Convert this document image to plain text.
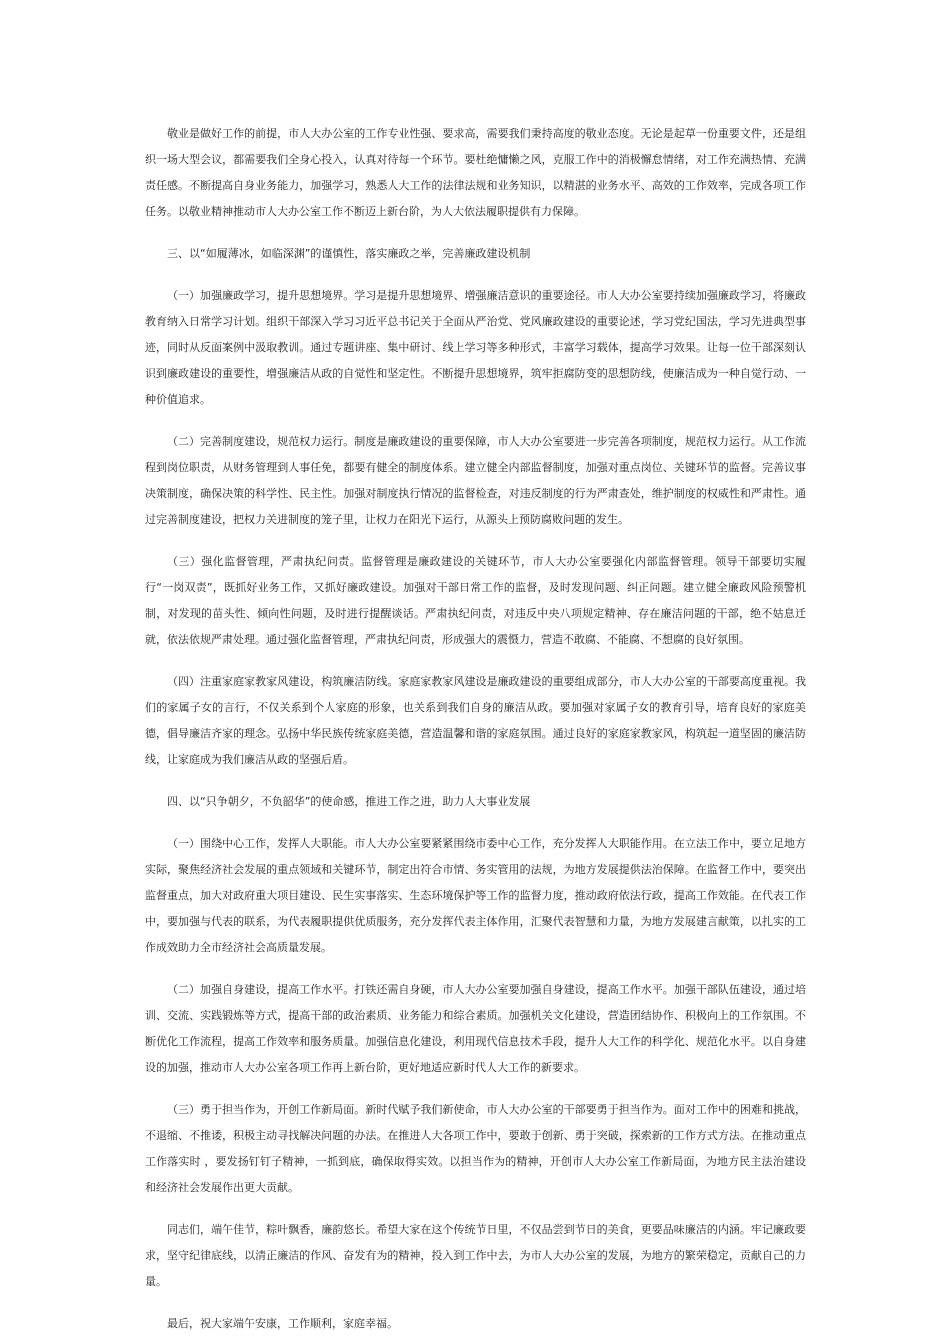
敬业是做好工作的前提，市人大办公室的工作专业性强、要求高，需要我们秉持高度的敬业态度。无论是起草一份重要文件，还是组织一场大型会议，都需要我们全身心投入，认真对待每一个环节。要杜绝慵懒之风，克服工作中的消极懈怠情绪，对工作充满热情、充满责任感。不断提高自身业务能力，加强学习，熟悉人大工作的法律法规和业务知识，以精湛的业务水平、高效的工作效率，完成各项工作任务。以敬业精神推动市人大办公室工作不断迈上新台阶，为人大依法履职提供有力保障。

三、以“如履薄冰，如临深渊”的谨慎性，落实廉政之举，完善廉政建设机制

（一）加强廉政学习，提升思想境界。学习是提升思想境界、增强廉洁意识的重要途径。市人大办公室要持续加强廉政学习，将廉政教育纳入日常学习计划。组织干部深入学习习近平总书记关于全面从严治党、党风廉政建设的重要论述，学习党纪国法，学习先进典型事迹，同时从反面案例中汲取教训。通过专题讲座、集中研讨、线上学习等多种形式，丰富学习载体，提高学习效果。让每一位干部深刻认识到廉政建设的重要性，增强廉洁从政的自觉性和坚定性。不断提升思想境界，筑牢拒腐防变的思想防线，使廉洁成为一种自觉行动、一种价值追求。

（二）完善制度建设，规范权力运行。制度是廉政建设的重要保障，市人大办公室要进一步完善各项制度，规范权力运行。从工作流程到岗位职责，从财务管理到人事任免，都要有健全的制度体系。建立健全内部监督制度，加强对重点岗位、关键环节的监督。完善议事决策制度，确保决策的科学性、民主性。加强对制度执行情况的监督检查，对违反制度的行为严肃查处，维护制度的权威性和严肃性。通过完善制度建设，把权力关进制度的笼子里，让权力在阳光下运行，从源头上预防腐败问题的发生。

（三）强化监督管理，严肃执纪问责。监督管理是廉政建设的关键环节，市人大办公室要强化内部监督管理。领导干部要切实履行“一岗双责”，既抓好业务工作，又抓好廉政建设。加强对干部日常工作的监督，及时发现问题、纠正问题。建立健全廉政风险预警机制，对发现的苗头性、倾向性问题，及时进行提醒谈话。严肃执纪问责，对违反中央八项规定精神、存在廉洁问题的干部，绝不姑息迁就，依法依规严肃处理。通过强化监督管理，严肃执纪问责，形成强大的震慑力，营造不敢腐、不能腐、不想腐的良好氛围。

（四）注重家庭家教家风建设，构筑廉洁防线。家庭家教家风建设是廉政建设的重要组成部分，市人大办公室的干部要高度重视。我们的家属子女的言行，不仅关系到个人家庭的形象，也关系到我们自身的廉洁从政。要加强对家属子女的教育引导，培育良好的家庭美德，倡导廉洁齐家的理念。弘扬中华民族传统家庭美德，营造温馨和谐的家庭氛围。通过良好的家庭家教家风，构筑起一道坚固的廉洁防线，让家庭成为我们廉洁从政的坚强后盾。

四、以“只争朝夕，不负韶华”的使命感，推进工作之进，助力人大事业发展

（一）围绕中心工作，发挥人大职能。市人大办公室要紧紧围绕市委中心工作，充分发挥人大职能作用。在立法工作中，要立足地方实际，聚焦经济社会发展的重点领域和关键环节，制定出符合市情、务实管用的法规，为地方发展提供法治保障。在监督工作中，要突出监督重点，加大对政府重大项目建设、民生实事落实、生态环境保护等工作的监督力度，推动政府依法行政，提高工作效能。在代表工作中，要加强与代表的联系，为代表履职提供优质服务，充分发挥代表主体作用，汇聚代表智慧和力量，为地方发展建言献策，以扎实的工作成效助力全市经济社会高质量发展。

（二）加强自身建设，提高工作水平。打铁还需自身硬，市人大办公室要加强自身建设，提高工作水平。加强干部队伍建设，通过培训、交流、实践锻炼等方式，提高干部的政治素质、业务能力和综合素质。加强机关文化建设，营造团结协作、积极向上的工作氛围。不断优化工作流程，提高工作效率和服务质量。加强信息化建设，利用现代信息技术手段，提升人大工作的科学化、规范化水平。以自身建设的加强，推动市人大办公室各项工作再上新台阶，更好地适应新时代人大工作的新要求。

（三）勇于担当作为，开创工作新局面。新时代赋予我们新使命，市人大办公室的干部要勇于担当作为。面对工作中的困难和挑战，不退缩、不推诿，积极主动寻找解决问题的办法。在推进人大各项工作中，要敢于创新、勇于突破，探索新的工作方式方法。在推动重点工作落实时 ，要发扬钉钉子精神，一抓到底，确保取得实效。以担当作为的精神，开创市人大办公室工作新局面，为地方民主法治建设和经济社会发展作出更大贡献。

同志们，端午佳节，粽叶飘香，廉韵悠长。希望大家在这个传统节日里，不仅品尝到节日的美食，更要品味廉洁的内涵。牢记廉政要求，坚守纪律底线，以清正廉洁的作风、奋发有为的精神，投入到工作中去，为市人大办公室的发展，为地方的繁荣稳定，贡献自己的力量。

最后，祝大家端午安康，工作顺利，家庭幸福。
